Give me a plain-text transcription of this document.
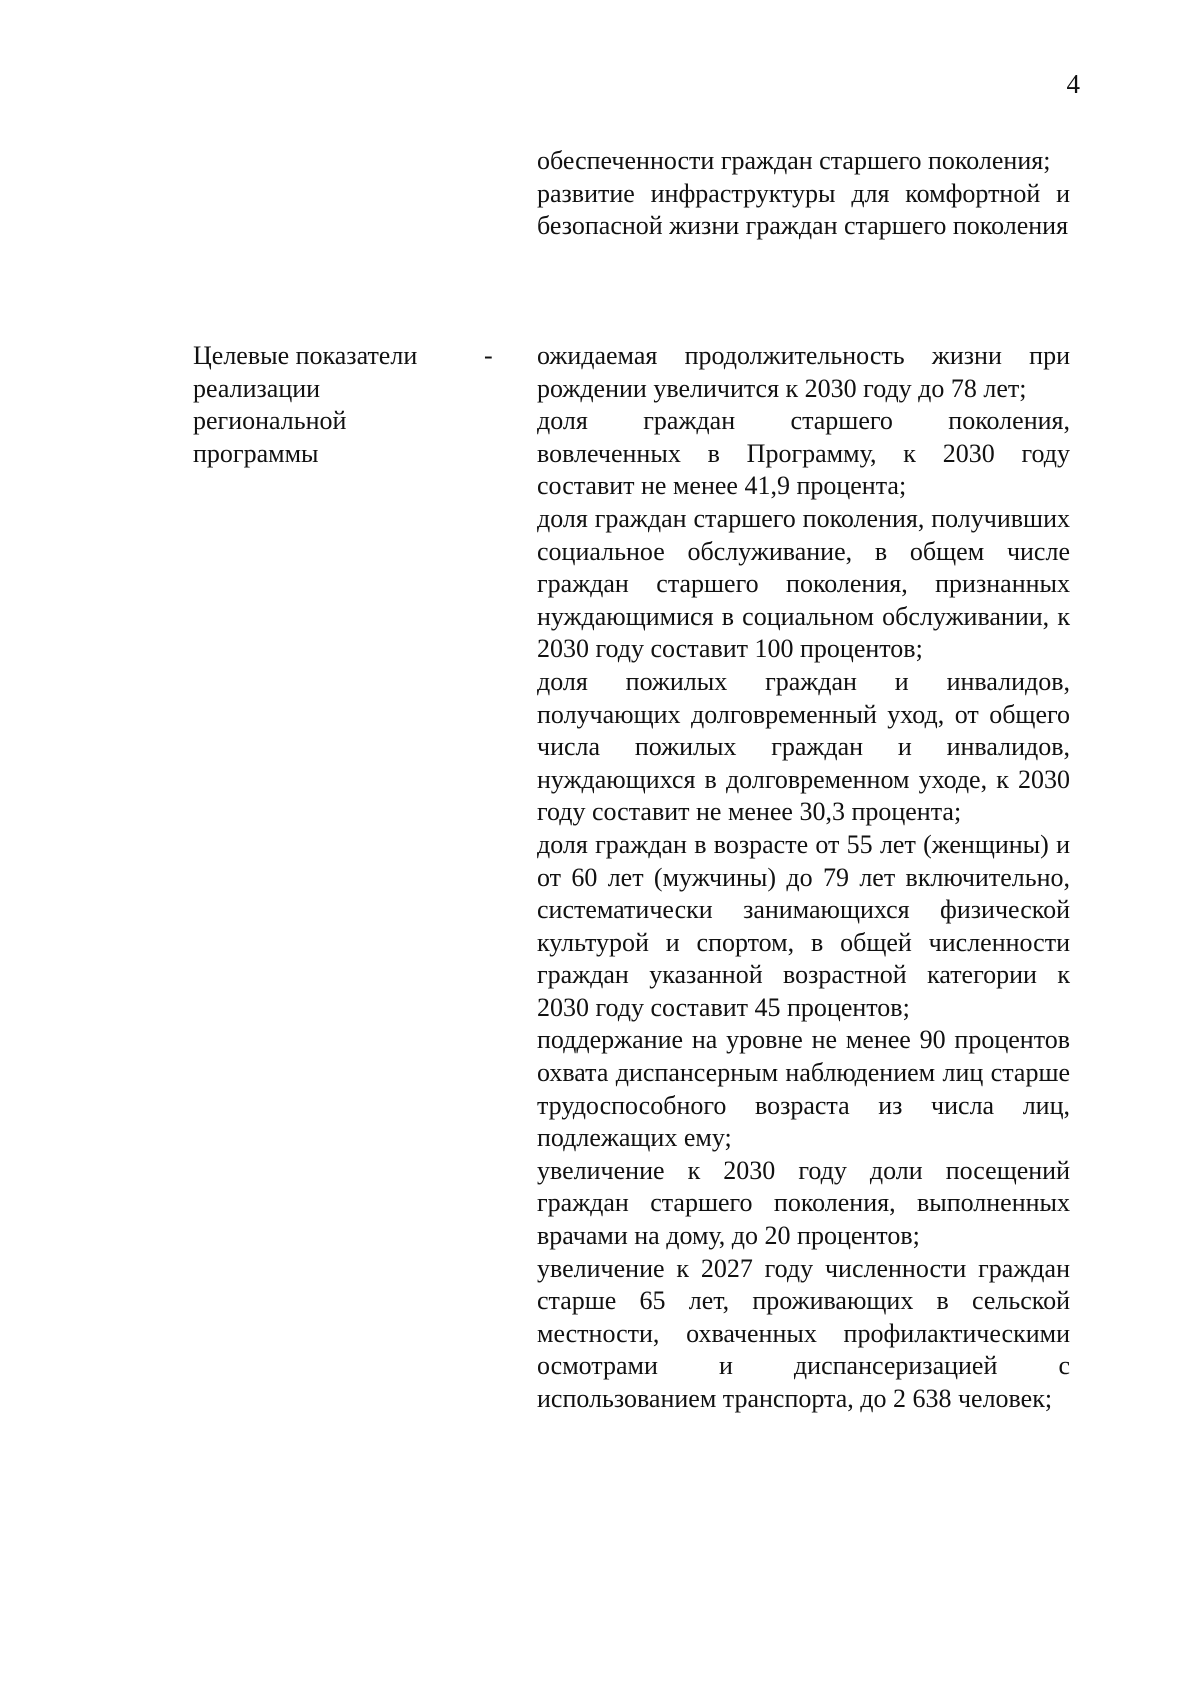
4

обеспеченности граждан старшего поколения;

развитие инфраструктуры для комфортной и безопасной жизни граждан старшего поколения

Целевые показатели
реализации
региональной
программы
- ожидаемая продолжительность жизни при рождении увеличится к 2030 году до 78 лет;

доля граждан старшего поколения, вовлеченных в Программу, к 2030 году составит не менее 41,9 процента;

доля граждан старшего поколения, получивших социальное обслуживание, в общем числе граждан старшего поколения, признанных нуждающимися в социальном обслуживании, к 2030 году составит 100 процентов;

доля пожилых граждан и инвалидов, получающих долговременный уход, от общего числа пожилых граждан и инвалидов, нуждающихся в долговременном уходе, к 2030 году составит не менее 30,3 процента;

доля граждан в возрасте от 55 лет (женщины) и от 60 лет (мужчины) до 79 лет включительно, систематически занимающихся физической культурой и спортом, в общей численности граждан указанной возрастной категории к 2030 году составит 45 процентов;

поддержание на уровне не менее 90 процентов охвата диспансерным наблюдением лиц старше трудоспособного возраста из числа лиц, подлежащих ему;

увеличение к 2030 году доли посещений граждан старшего поколения, выполненных врачами на дому, до 20 процентов;

увеличение к 2027 году численности граждан старше 65 лет, проживающих в сельской местности, охваченных профилактическими осмотрами и диспансеризацией с использованием транспорта, до 2 638 человек;
